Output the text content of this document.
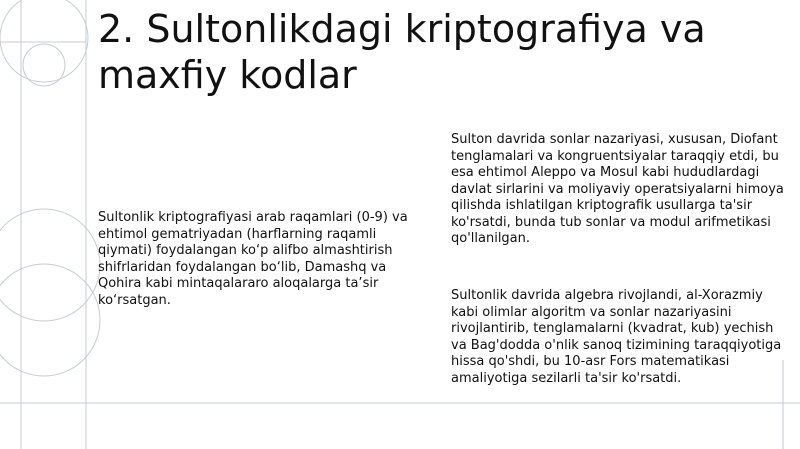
2. Sultonlikdagi kriptografiya va maxfiy kodlar

Sultonlik kriptografiyasi arab raqamlari (0-9) va ehtimol gematriyadan (harflarning raqamli qiymati) foydalangan ko‘p alifbo almashtirish shifrlaridan foydalangan bo‘lib, Damashq va Qohira kabi mintaqalararo aloqalarga ta’sir ko‘rsatgan.

Sulton davrida sonlar nazariyasi, xususan, Diofant tenglamalari va kongruentsiyalar taraqqiy etdi, bu esa ehtimol Aleppo va Mosul kabi hududlardagi davlat sirlarini va moliyaviy operatsiyalarni himoya qilishda ishlatilgan kriptografik usullarga ta'sir ko'rsatdi, bunda tub sonlar va modul arifmetikasi qo'llanilgan.

Sultonlik davrida algebra rivojlandi, al-Xorazmiy kabi olimlar algoritm va sonlar nazariyasini rivojlantirib, tenglamalarni (kvadrat, kub) yechish va Bag'dodda o'nlik sanoq tizimining taraqqiyotiga hissa qo'shdi, bu 10-asr Fors matematikasi amaliyotiga sezilarli ta'sir ko'rsatdi.
